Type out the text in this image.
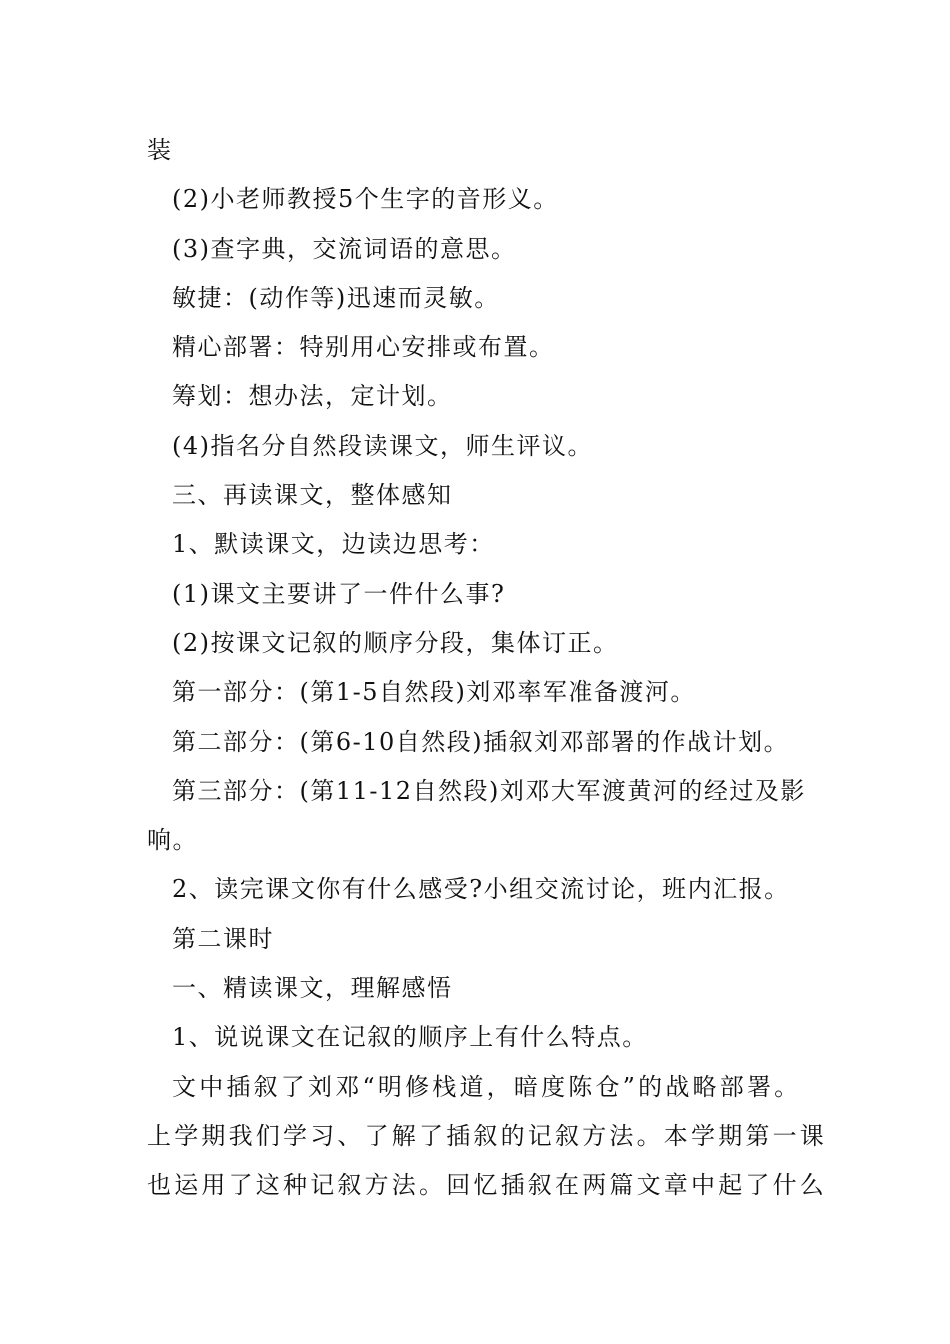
装
(2)小老师教授5个生字的音形义。
(3)查字典，交流词语的意思。
敏捷：(动作等)迅速而灵敏。
精心部署：特别用心安排或布置。
筹划：想办法，定计划。
(4)指名分自然段读课文，师生评议。
三、再读课文，整体感知
1、默读课文，边读边思考：
(1)课文主要讲了一件什么事?
(2)按课文记叙的顺序分段，集体订正。
第一部分：(第1-5自然段)刘邓率军准备渡河。
第二部分：(第6-10自然段)插叙刘邓部署的作战计划。
第三部分：(第11-12自然段)刘邓大军渡黄河的经过及影
响。
2、读完课文你有什么感受?小组交流讨论，班内汇报。
第二课时
一、精读课文，理解感悟
1、说说课文在记叙的顺序上有什么特点。
文中插叙了刘邓“明修栈道，暗度陈仓”的战略部署。
上学期我们学习、了解了插叙的记叙方法。本学期第一课
也运用了这种记叙方法。回忆插叙在两篇文章中起了什么
